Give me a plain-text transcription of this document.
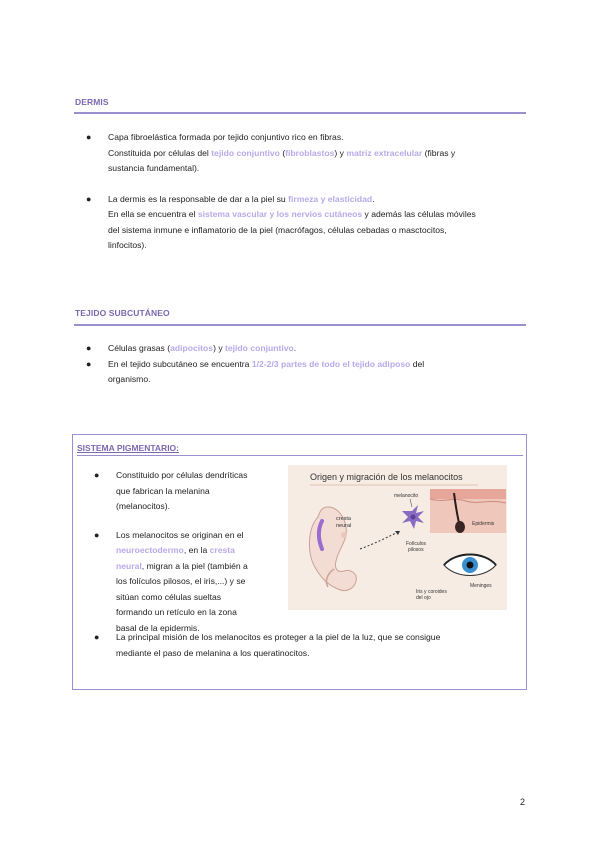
DERMIS
● Capa fibroelástica formada por tejido conjuntivo rico en fibras.
Constituida por células del tejido conjuntivo (fibroblastos) y matriz extracelular (fibras y
sustancia fundamental).
● La dermis es la responsable de dar a la piel su firmeza y elasticidad.
En ella se encuentra el sistema vascular y los nervios cutáneos y además las células móviles
del sistema inmune e inflamatorio de la piel (macrófagos, células cebadas o masctocitos,
linfocitos).
TEJIDO SUBCUTÁNEO
● Células grasas (adipocitos) y tejido conjuntivo.
● En el tejido subcutáneo se encuentra 1/2-2/3 partes de todo el tejido adiposo del
organismo.
SISTEMA PIGMENTARIO:
● Constituido por células dendríticas
que fabrican la melanina
(melanocitos).
● Los melanocitos se originan en el
neuroectodermo, en la cresta
neural, migran a la piel (también a
los folículos pilosos, el iris,...) y se
sitúan como células sueltas
formando un retículo en la zona
basal de la epidermis.
● La principal misión de los melanocitos es proteger a la piel de la luz, que se consigue
mediante el paso de melanina a los queratinocitos.
Origen y migración de los melanocitos
cresta
neural
melanocito
Epidermis
Folículos
pilosos
Meninges
Iris y coroides
del ojo
2
